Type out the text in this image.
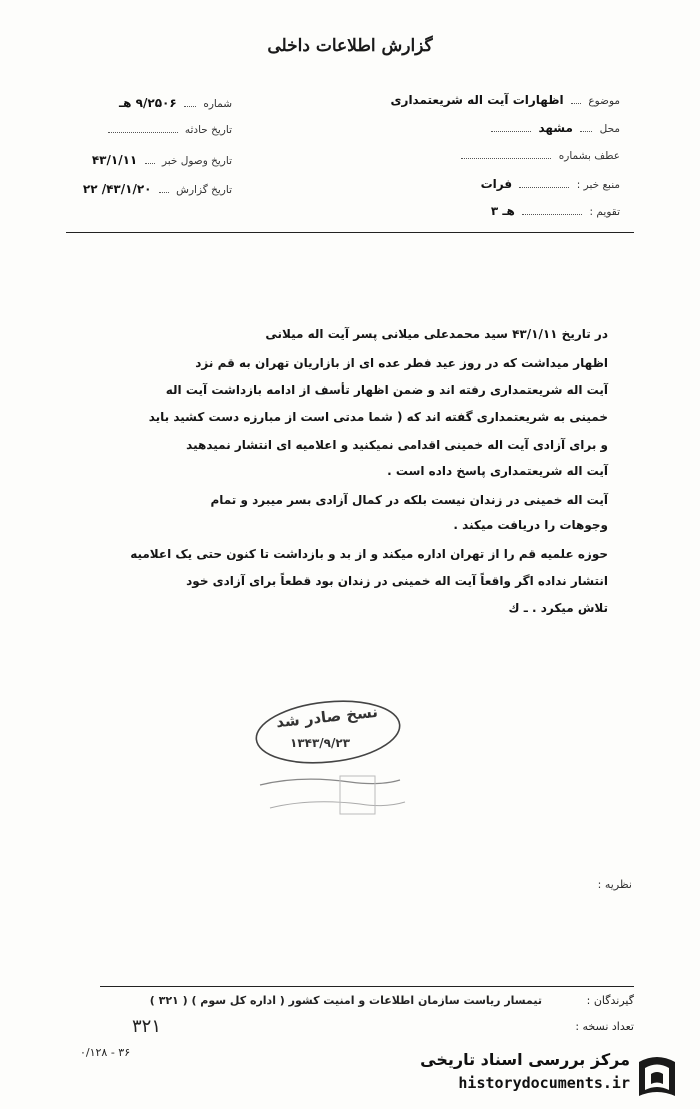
گزارش اطلاعات داخلی
موضوع  اظهارات آیت اله شریعتمداری
محل  مشهد
عطف بشماره
منبع خبر :  فرات
تقویم :  هـ ۳
شماره  ۹/۲۵۰۶ هـ
تاریخ حادثه
تاریخ وصول خبر  ۴۳/۱/۱۱
تاریخ گزارش  ۴۳/۱/۲۰/ ۲۲
در تاریخ ۴۳/۱/۱۱ سید محمدعلی میلانی پسر آیت اله میلانی
اظهار میداشت که در روز عید فطر عده ای از بازاریان تهران به قم نزد
آیت اله شریعتمداری رفته اند و ضمن اظهار تأسف از ادامه بازداشت آیت اله
خمینی به شریعتمداری گفته اند که ( شما مدتی است از مبارزه دست کشید باید
و برای آزادی آیت اله خمینی اقدامی نمیکنید و اعلامیه ای انتشار نمیدهید
آیت اله شریعتمداری پاسخ داده است .
آیت اله خمینی در زندان نیست بلکه در کمال آزادی بسر میبرد و تمام
وجوهات را دریافت میکند .
حوزه علمیه قم را از تهران اداره میکند و از بد و بازداشت تا کنون حتی یک اعلامیه
انتشار نداده اگر واقعاً آیت اله خمینی در زندان بود قطعاً برای آزادی خود
تلاش میکرد . ـ ك
نسخ صادر شد
۱۳۴۳/۹/۲۳
نظریه :
گیرندگان :
تیمسار ریاست سازمان اطلاعات و امنیت کشور ( اداره کل سوم ) ( ۳۲۱ )
تعداد نسخه :
۳۲۱
۰/۱۲۸ - ۳۶	مرکز بررسی اسناد تاریخی
historydocuments.ir
